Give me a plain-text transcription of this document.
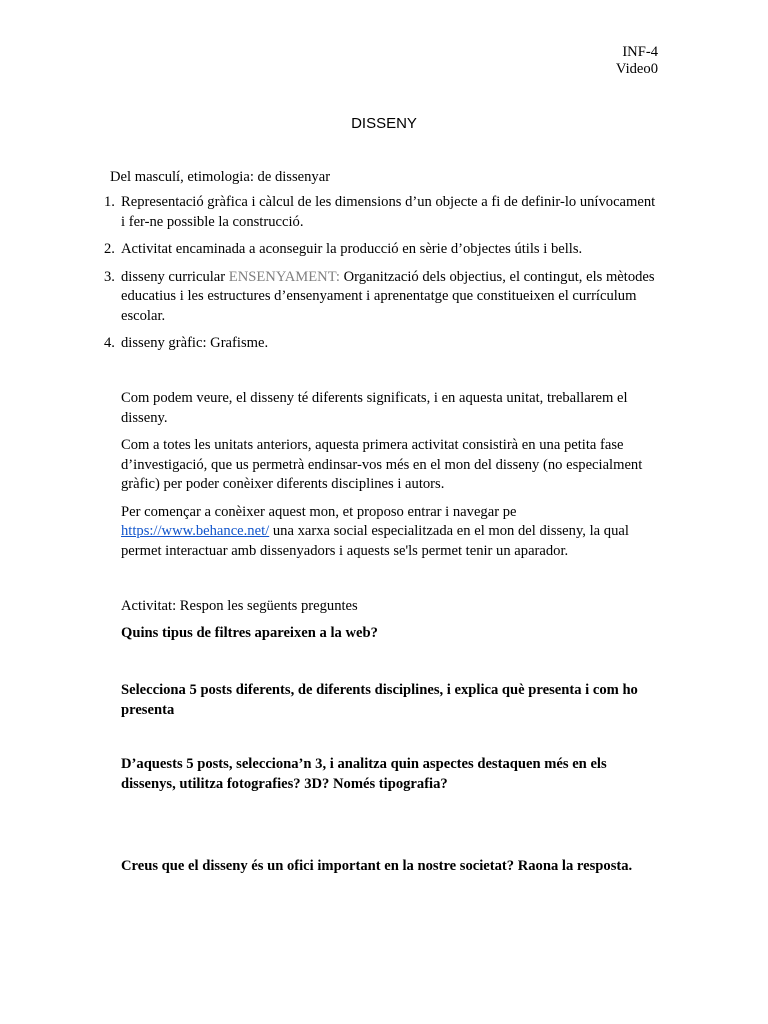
INF-4
Video0
DISSENY
Del masculí, etimologia: de dissenyar
1. Representació gràfica i càlcul de les dimensions d’un objecte a fi de definir-lo unívocament i fer-ne possible la construcció.
2. Activitat encaminada a aconseguir la producció en sèrie d’objectes útils i bells.
3. disseny curricular ENSENYAMENT: Organització dels objectius, el contingut, els mètodes educatius i les estructures d’ensenyament i aprenentatge que constitueixen el currículum escolar.
4. disseny gràfic: Grafisme.

Com podem veure, el disseny té diferents significats, i en aquesta unitat, treballarem el disseny.

Com a totes les unitats anteriors, aquesta primera activitat consistirà en una petita fase d’investigació, que us permetrà endinsar-vos més en el mon del disseny (no especialment gràfic) per poder conèixer diferents disciplines i autors.

Per començar a conèixer aquest mon, et proposo entrar i navegar pe https://www.behance.net/ una xarxa social especialitzada en el mon del disseny, la qual permet interactuar amb dissenyadors i aquests se'ls permet tenir un aparador.

Activitat: Respon les següents preguntes
Quins tipus de filtres apareixen a la web?
Selecciona 5 posts diferents, de diferents disciplines, i explica què presenta i com ho presenta
D’aquests 5 posts, selecciona’n 3, i analitza quin aspectes destaquen més en els dissenys, utilitza fotografies? 3D? Només tipografia?
Creus que el disseny és un ofici important en la nostre societat? Raona la resposta.
